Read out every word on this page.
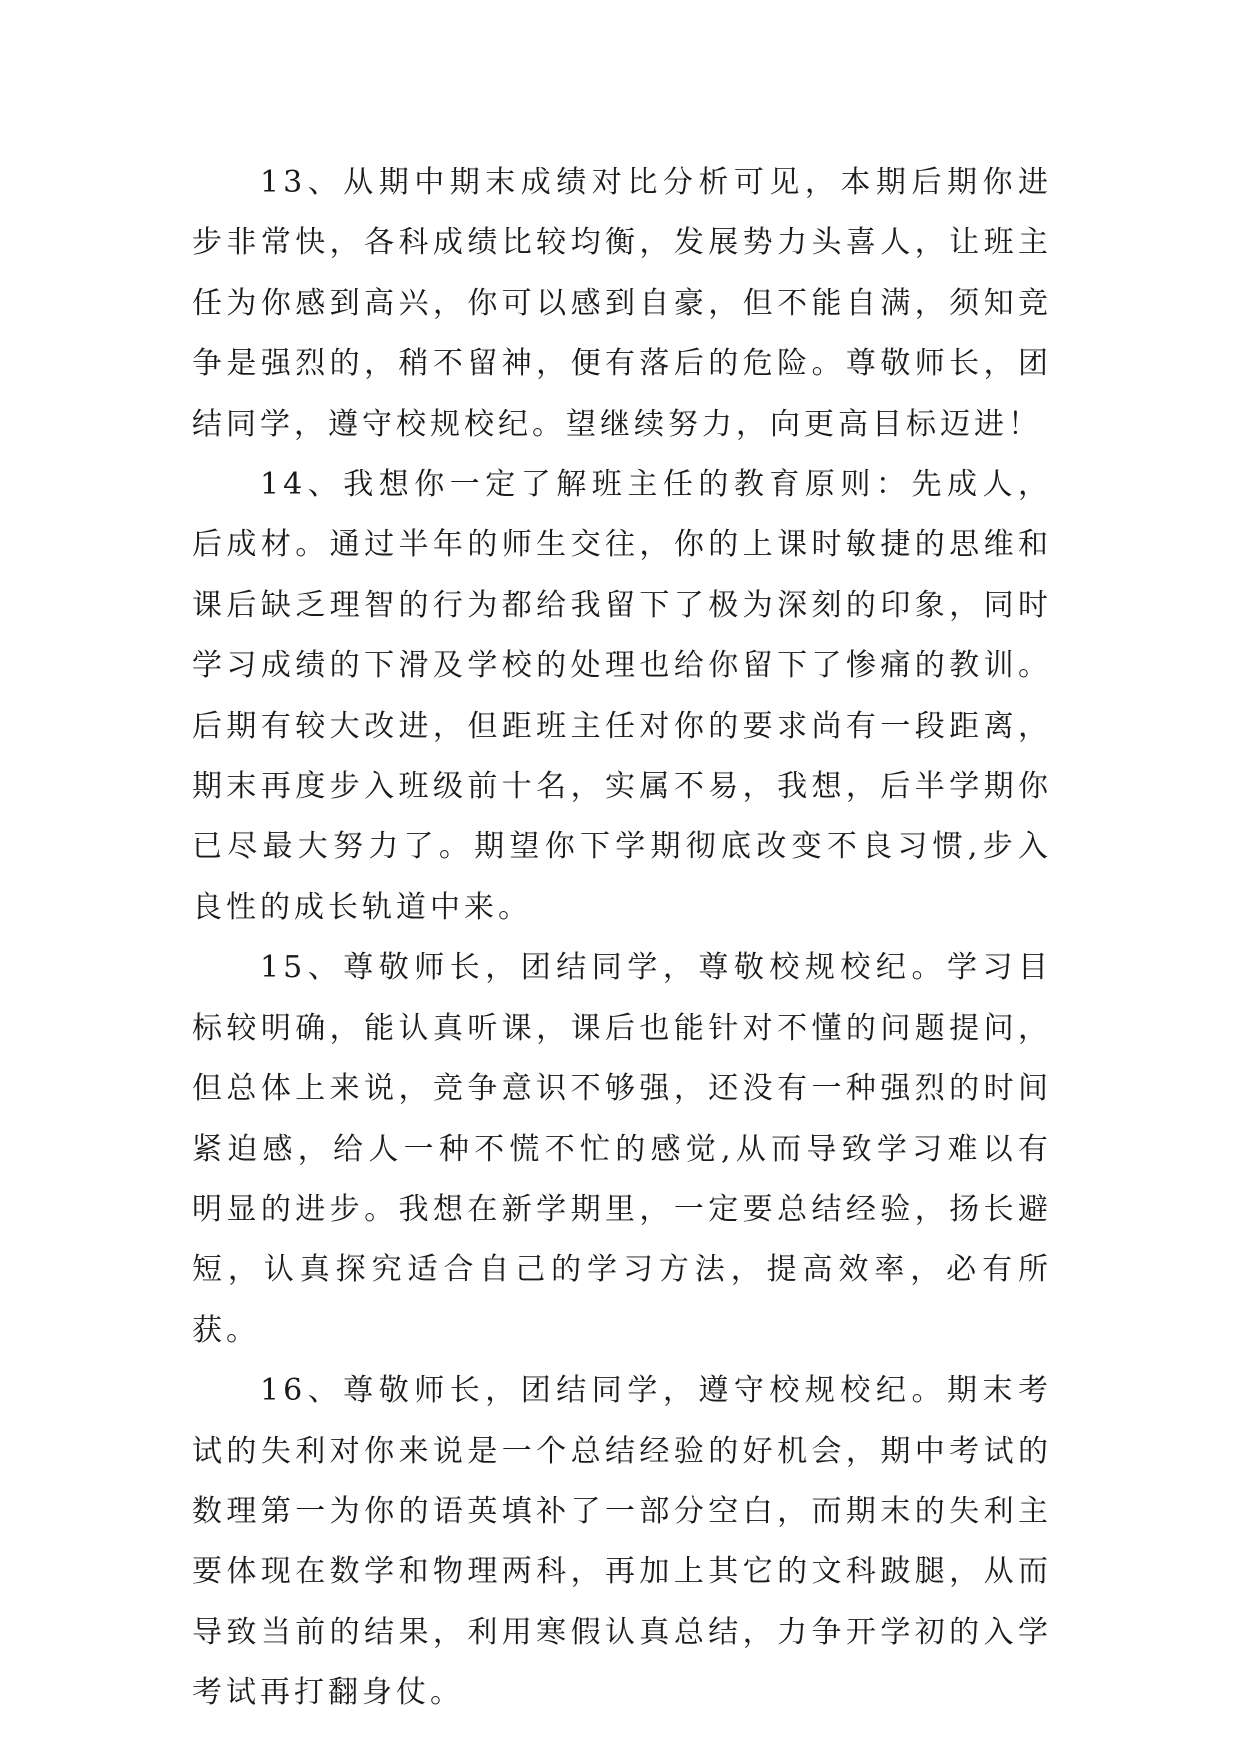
13、从期中期末成绩对比分析可见，本期后期你进步非常快，各科成绩比较均衡，发展势力头喜人，让班主任为你感到高兴，你可以感到自豪，但不能自满，须知竞争是强烈的，稍不留神，便有落后的危险。尊敬师长，团结同学，遵守校规校纪。望继续努力，向更高目标迈进！

14、我想你一定了解班主任的教育原则：先成人，后成材。通过半年的师生交往，你的上课时敏捷的思维和课后缺乏理智的行为都给我留下了极为深刻的印象，同时学习成绩的下滑及学校的处理也给你留下了惨痛的教训。后期有较大改进，但距班主任对你的要求尚有一段距离，期末再度步入班级前十名，实属不易，我想，后半学期你已尽最大努力了。期望你下学期彻底改变不良习惯,步入良性的成长轨道中来。

15、尊敬师长，团结同学，尊敬校规校纪。学习目标较明确，能认真听课，课后也能针对不懂的问题提问，但总体上来说，竞争意识不够强，还没有一种强烈的时间紧迫感，给人一种不慌不忙的感觉,从而导致学习难以有明显的进步。我想在新学期里，一定要总结经验，扬长避短，认真探究适合自己的学习方法，提高效率，必有所获。

16、尊敬师长，团结同学，遵守校规校纪。期末考试的失利对你来说是一个总结经验的好机会，期中考试的数理第一为你的语英填补了一部分空白，而期末的失利主要体现在数学和物理两科，再加上其它的文科跛腿，从而导致当前的结果，利用寒假认真总结，力争开学初的入学考试再打翻身仗。
